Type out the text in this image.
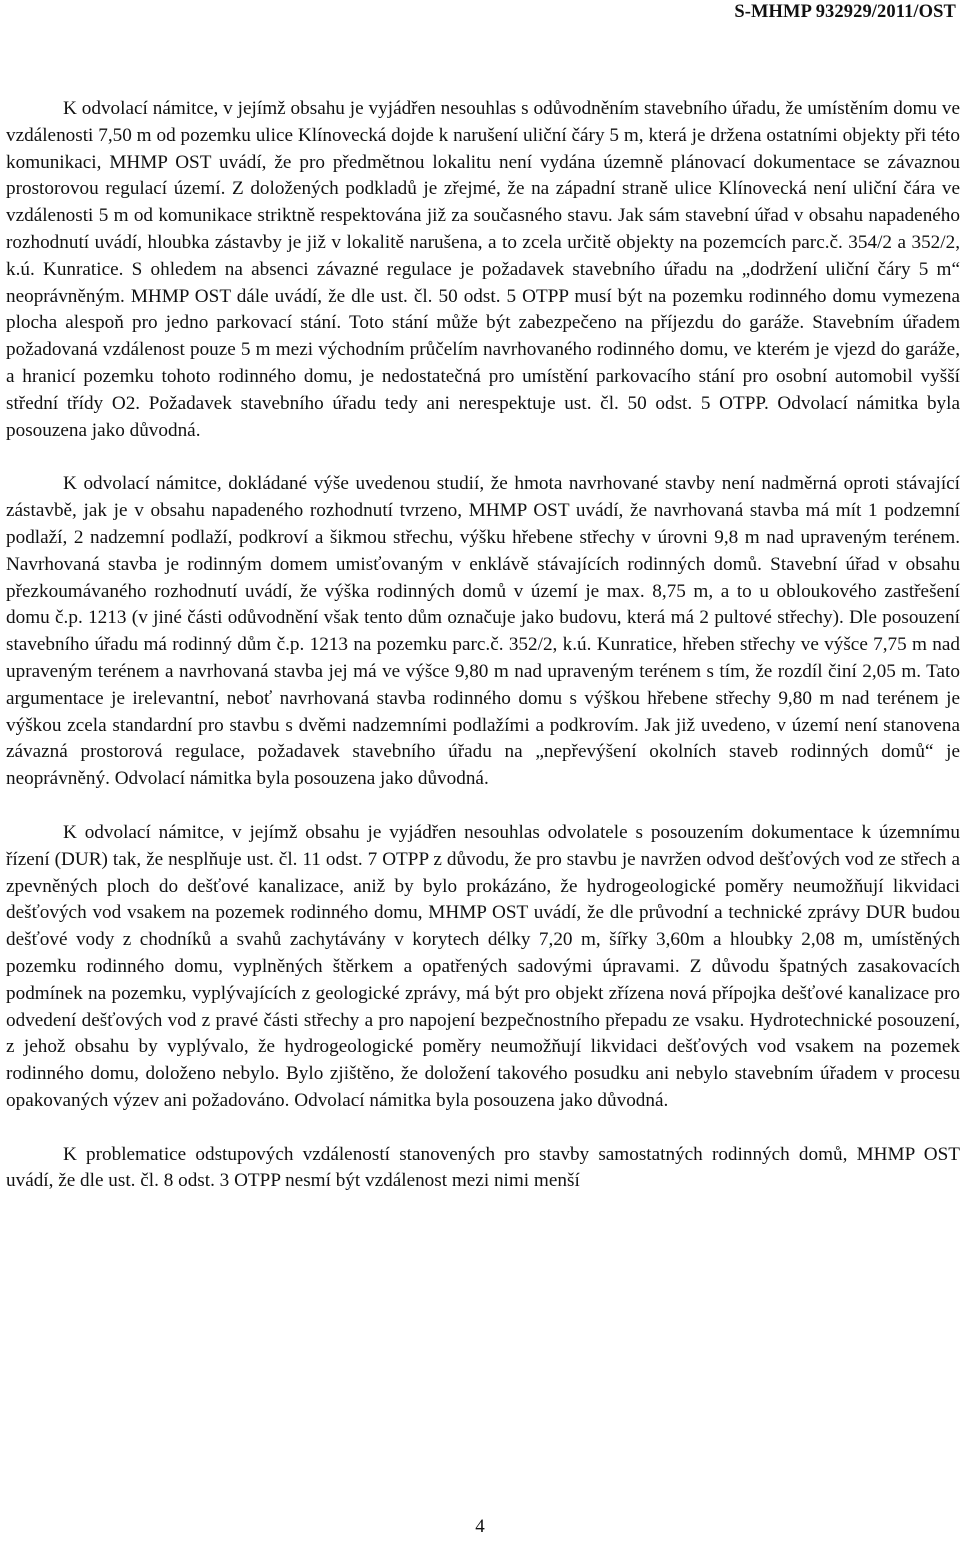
S-MHMP 932929/2011/OST

K odvolací námitce, v jejímž obsahu je vyjádřen nesouhlas s odůvodněním stavebního úřadu, že umístěním domu ve vzdálenosti 7,50 m od pozemku ulice Klínovecká dojde k narušení uliční čáry 5 m, která je držena ostatními objekty při této komunikaci, MHMP OST uvádí, že pro předmětnou lokalitu není vydána územně plánovací dokumentace se závaznou prostorovou regulací území. Z doložených podkladů je zřejmé, že na západní straně ulice Klínovecká není uliční čára ve vzdálenosti 5 m od komunikace striktně respektována již za současného stavu. Jak sám stavební úřad v obsahu napadeného rozhodnutí uvádí, hloubka zástavby je již v lokalitě narušena, a to zcela určitě objekty na pozemcích parc.č. 354/2 a 352/2, k.ú. Kunratice. S ohledem na absenci závazné regulace je požadavek stavebního úřadu na „dodržení uliční čáry 5 m“ neoprávněným. MHMP OST dále uvádí, že dle ust. čl. 50 odst. 5 OTPP musí být na pozemku rodinného domu vymezena plocha alespoň pro jedno parkovací stání. Toto stání může být zabezpečeno na příjezdu do garáže. Stavebním úřadem požadovaná vzdálenost pouze 5 m mezi východním průčelím navrhovaného rodinného domu, ve kterém je vjezd do garáže, a hranicí pozemku tohoto rodinného domu, je nedostatečná pro umístění parkovacího stání pro osobní automobil vyšší střední třídy O2. Požadavek stavebního úřadu tedy ani nerespektuje ust. čl. 50 odst. 5 OTPP. Odvolací námitka byla posouzena jako důvodná.

K odvolací námitce, dokládané výše uvedenou studií, že hmota navrhované stavby není nadměrná oproti stávající zástavbě, jak je v obsahu napadeného rozhodnutí tvrzeno, MHMP OST uvádí, že navrhovaná stavba má mít 1 podzemní podlaží, 2 nadzemní podlaží, podkroví a šikmou střechu, výšku hřebene střechy v úrovni 9,8 m nad upraveným terénem. Navrhovaná stavba je rodinným domem umisťovaným v enklávě stávajících rodinných domů. Stavební úřad v obsahu přezkoumávaného rozhodnutí uvádí, že výška rodinných domů v území je max. 8,75 m, a to u obloukového zastřešení domu č.p. 1213 (v jiné části odůvodnění však tento dům označuje jako budovu, která má 2 pultové střechy). Dle posouzení stavebního úřadu má rodinný dům č.p. 1213 na pozemku parc.č. 352/2, k.ú. Kunratice, hřeben střechy ve výšce 7,75 m nad upraveným terénem a navrhovaná stavba jej má ve výšce 9,80 m nad upraveným terénem s tím, že rozdíl činí 2,05 m. Tato argumentace je irelevantní, neboť navrhovaná stavba rodinného domu s výškou hřebene střechy 9,80 m nad terénem je výškou zcela standardní pro stavbu s dvěmi nadzemními podlažími a podkrovím. Jak již uvedeno, v území není stanovena závazná prostorová regulace, požadavek stavebního úřadu na „nepřevýšení okolních staveb rodinných domů“ je neoprávněný. Odvolací námitka byla posouzena jako důvodná.

K odvolací námitce, v jejímž obsahu je vyjádřen nesouhlas odvolatele s posouzením dokumentace k územnímu řízení (DUR) tak, že nesplňuje ust. čl. 11 odst. 7 OTPP z důvodu, že pro stavbu je navržen odvod dešťových vod ze střech a zpevněných ploch do dešťové kanalizace, aniž by bylo prokázáno, že hydrogeologické poměry neumožňují likvidaci dešťových vod vsakem na pozemek rodinného domu, MHMP OST uvádí, že dle průvodní a technické zprávy DUR budou dešťové vody z chodníků a svahů zachytávány v korytech délky 7,20 m, šířky 3,60m a hloubky 2,08 m, umístěných pozemku rodinného domu, vyplněných štěrkem a opatřených sadovými úpravami. Z důvodu špatných zasakovacích podmínek na pozemku, vyplývajících z geologické zprávy, má být pro objekt zřízena nová přípojka dešťové kanalizace pro odvedení dešťových vod z pravé části střechy a pro napojení bezpečnostního přepadu ze vsaku. Hydrotechnické posouzení, z jehož obsahu by vyplývalo, že hydrogeologické poměry neumožňují likvidaci dešťových vod vsakem na pozemek rodinného domu, doloženo nebylo. Bylo zjištěno, že doložení takového posudku ani nebylo stavebním úřadem v procesu opakovaných výzev ani požadováno. Odvolací námitka byla posouzena jako důvodná.

K problematice odstupových vzdáleností stanovených pro stavby samostatných rodinných domů, MHMP OST uvádí, že dle ust. čl. 8 odst. 3 OTPP nesmí být vzdálenost mezi nimi menší

4
